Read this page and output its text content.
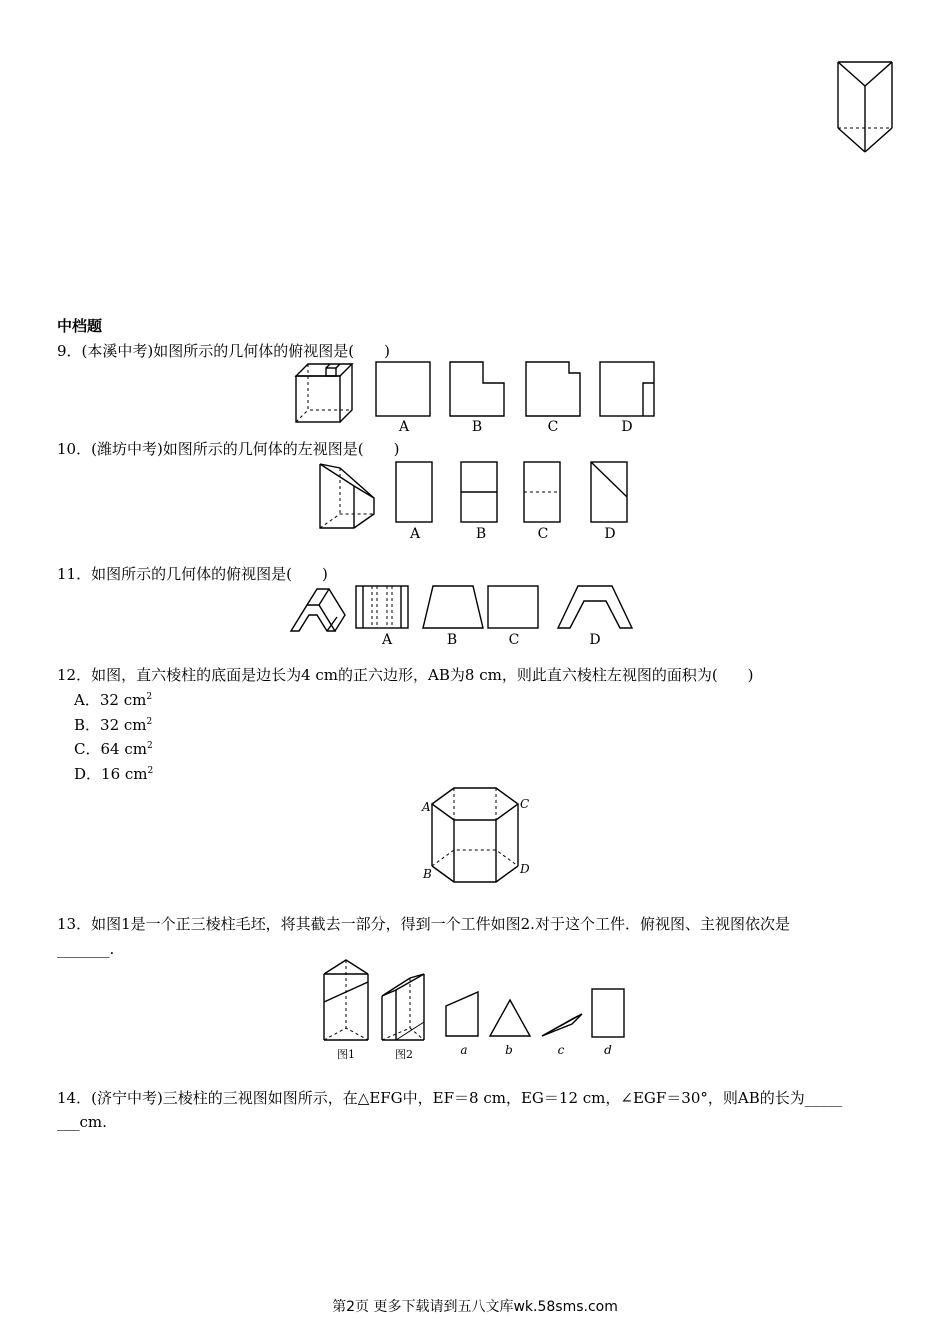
中档题
9．(本溪中考)如图所示的几何体的俯视图是(　　)
A	B	C	D
10．(潍坊中考)如图所示的几何体的左视图是(　　)
A	B	C	D
11．如图所示的几何体的俯视图是(　　)
A	B	C	D
12．如图，直六棱柱的底面是边长为4 cm的正六边形，AB为8 cm，则此直六棱柱左视图的面积为(　　)
A．32 $cm^2$
B．32 $cm^2$
C．64 $cm^2$
D．16 $cm^2$
A
B
C
D
13．如图1是一个正三棱柱毛坯，将其截去一部分，得到一个工件如图2.对于这个工件．俯视图、主视图依次是
_______.
图1	图2	a	b	c	d
14．(济宁中考)三棱柱的三视图如图所示，在△EFG中，EF＝8 cm，EG＝12 cm，∠EGF＝30°，则AB的长为_____
___cm.
第2页 更多下载请到五八文库wk.58sms.com
